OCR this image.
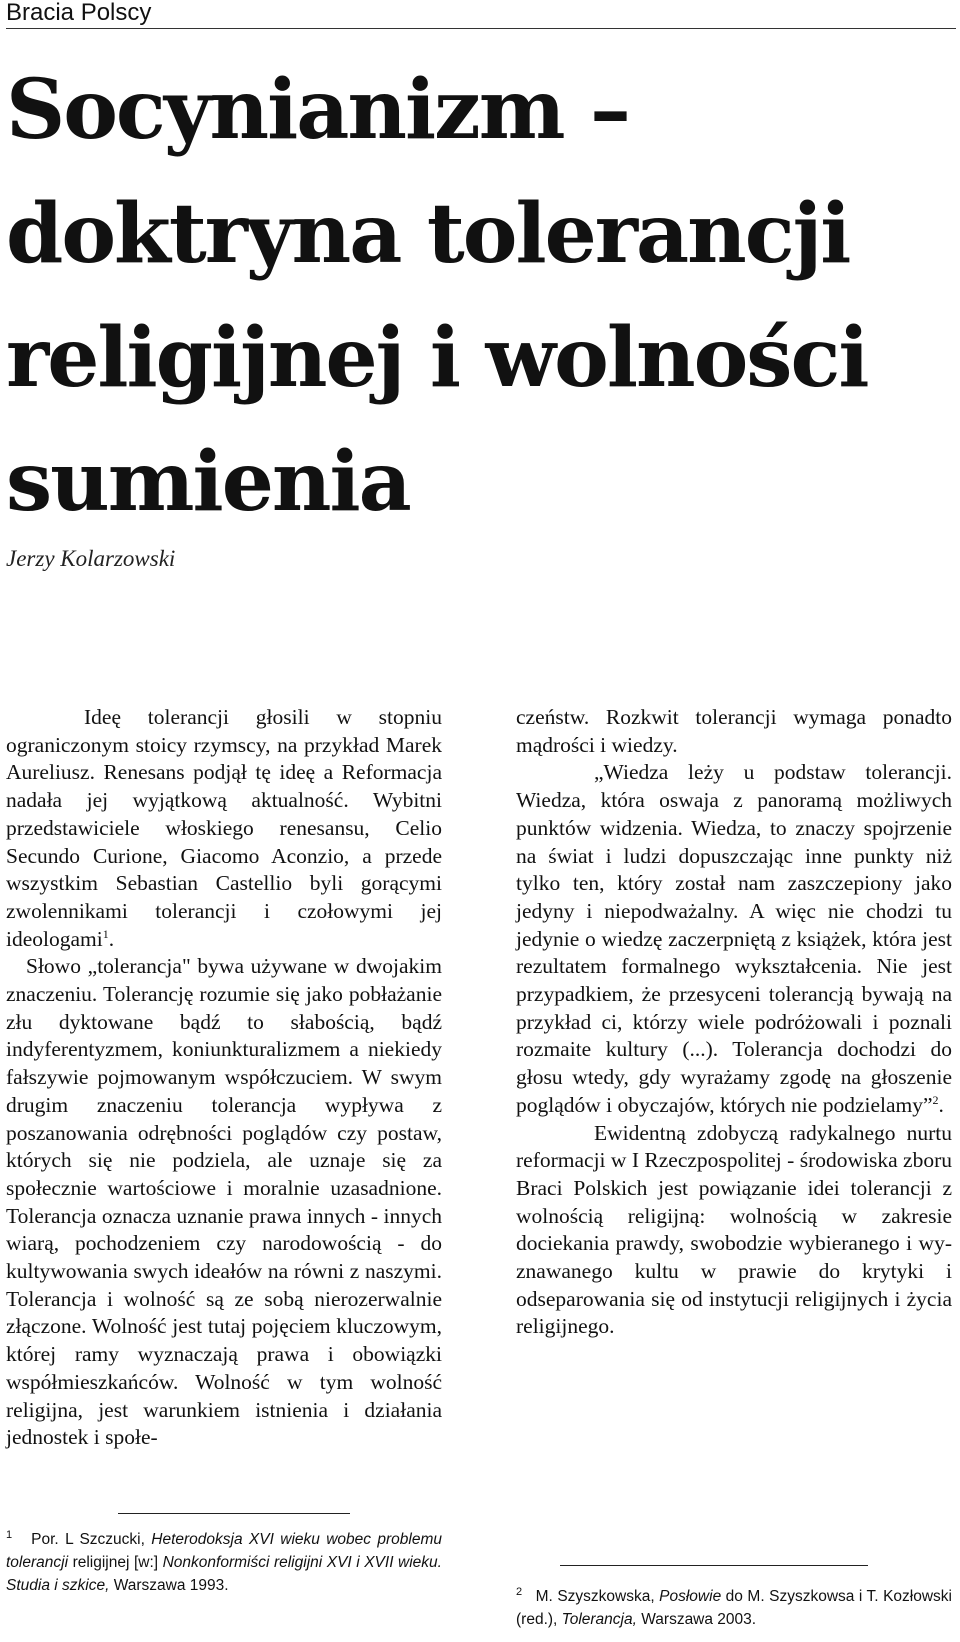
Bracia Polscy
Socynianizm – doktryna tolerancji religijnej i wolności sumienia
Jerzy Kolarzowski

Ideę tolerancji głosili w stopniu ograniczonym stoicy rzymscy, na przykład Marek Aureliusz. Renesans podjął tę ideę a Reformacja nadała jej wyjątkową aktualność. Wybitni przedstawiciele włoskiego renesansu, Celio Secundo Curione, Giacomo Aconzio, a przede wszystkim Sebastian Castellio byli gorącymi zwolennikami tolerancji i czołowymi jej ideologami$^1$.

Słowo „tolerancja" bywa używane w dwojakim znaczeniu. Tolerancję rozumie się jako pobłażanie złu dyktowane bądź to słabością, bądź indyferentyzmem, koniunkturalizmem a niekiedy fałszywie pojmowanym współczuciem. W swym drugim znaczeniu tolerancja wypływa z poszanowania odrębności poglądów czy postaw, których się nie podziela, ale uznaje się za społecznie wartościowe i moralnie uzasadnione. Tolerancja oznacza uznanie prawa innych - innych wiarą, pochodzeniem czy narodowością - do kultywowania swych ideałów na równi z naszymi. Tolerancja i wolność są ze sobą nierozerwalnie złączone. Wolność jest tutaj pojęciem kluczowym, której ramy wyznaczają prawa i obowiązki współmieszkańców. Wolność w tym wolność religijna, jest warunkiem istnienia i działania jednostek i społe-

czeństw. Rozkwit tolerancji wymaga ponadto mądrości i wiedzy.

„Wiedza leży u podstaw tolerancji. Wiedza, która oswaja z panoramą możliwych punktów widzenia. Wiedza, to znaczy spojrzenie na świat i ludzi dopuszczając inne punkty niż tylko ten, który został nam zaszczepiony jako jedyny i niepodważalny. A więc nie chodzi tu jedynie o wiedzę zaczerpniętą z książek, która jest rezultatem formalnego wykształcenia. Nie jest przypadkiem, że przesyceni tolerancją bywają na przykład ci, którzy wiele podróżowali i poznali rozmaite kultury (...). Tolerancja dochodzi do głosu wtedy, gdy wyrażamy zgodę na głoszenie poglądów i obyczajów, których nie podzielamy”$^2$.

Ewidentną zdobyczą radykalnego nurtu reformacji w I Rzeczpospolitej - środowiska zboru Braci Polskich jest powiązanie idei tolerancji z wolnością religijną: wolnością w zakresie dociekania prawdy, swobodzie wybieranego i wyznawanego kultu w prawie do krytyki i odseparowania się od instytucji religijnych i życia religijnego.

$^1$ Por. L Szczucki, Heterodoksja XVI wieku wobec problemu tolerancji religijnej [w:] Nonkonformiści religijni XVI i XVII wieku. Studia i szkice, Warszawa 1993.	$^2$ M. Szyszkowska, Posłowie do M. Szyszkowsa i T. Kozłowski (red.), Tolerancja, Warszawa 2003.
